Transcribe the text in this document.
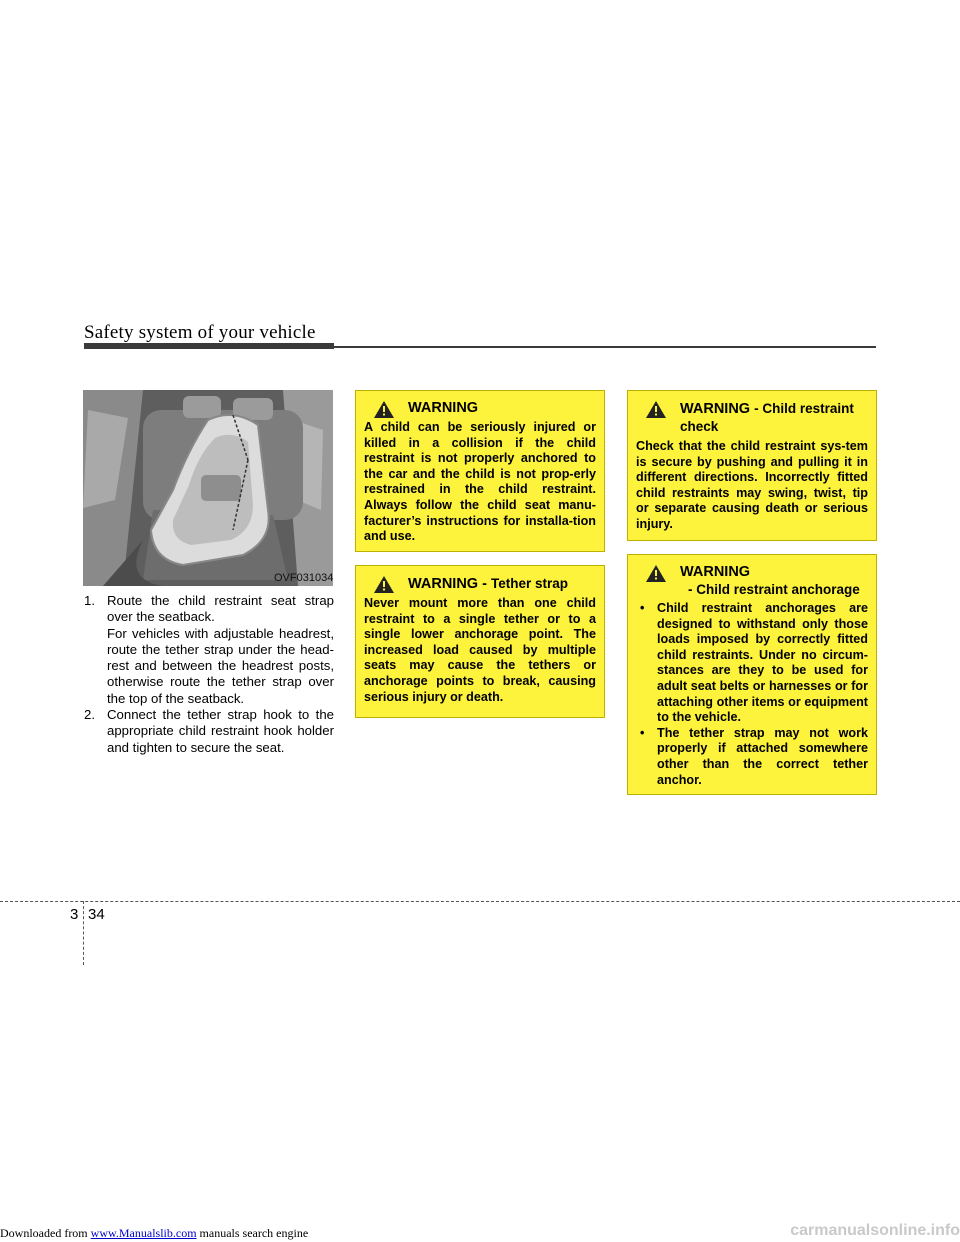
Safety system of your vehicle
OVF031034
1. Route the child restraint seat strap over the seatback.
For vehicles with adjustable headrest, route the tether strap under the head-rest and between the headrest posts, otherwise route the tether strap over the top of the seatback.
2. Connect the tether strap hook to the appropriate child restraint hook holder and tighten to secure the seat.
WARNING
A child can be seriously injured or killed in a collision if the child restraint is not properly anchored to the car and the child is not prop-erly restrained in the child restraint. Always follow the child seat manu-facturer’s instructions for installa-tion and use.
WARNING - Tether strap
Never mount more than one child restraint to a single tether or to a single lower anchorage point. The increased load caused by multiple seats may cause the tethers or anchorage points to break, causing serious injury or death.
WARNING - Child restraint check
Check that the child restraint sys-tem is secure by pushing and pulling it in different directions. Incorrectly fitted child restraints may swing, twist, tip or separate causing death or serious injury.
WARNING
- Child restraint anchorage
• Child restraint anchorages are designed to withstand only those loads imposed by correctly fitted child restraints. Under no circum-stances are they to be used for adult seat belts or harnesses or for attaching other items or equipment to the vehicle.
• The tether strap may not work properly if attached somewhere other than the correct tether anchor.
3 34
Downloaded from www.Manualslib.com manuals search engine	carmanualsonline.info
